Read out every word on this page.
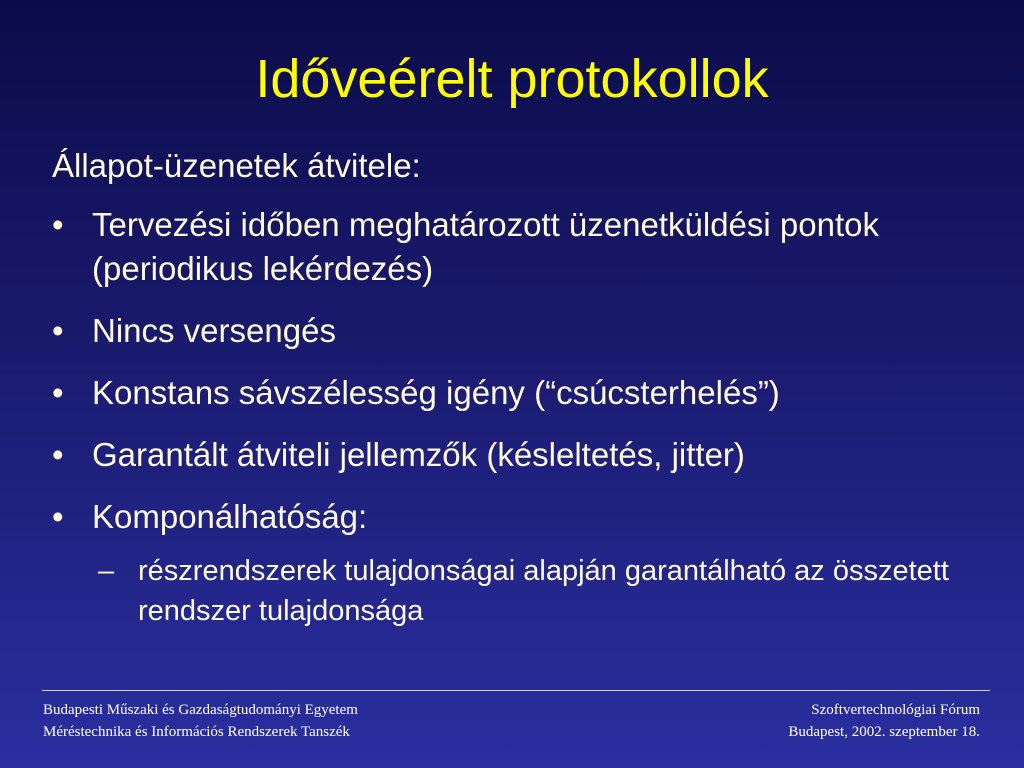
Időveérelt protokollok
Állapot-üzenetek átvitele:
• Tervezési időben meghatározott üzenetküldési pontok (periodikus lekérdezés)
• Nincs versengés
• Konstans sávszélesség igény (“csúcsterhelés”)
• Garantált átviteli jellemzők (késleltetés, jitter)
• Komponálhatóság:
– részrendszerek tulajdonságai alapján garantálható az összetett rendszer tulajdonsága
Budapesti Műszaki és Gazdaságtudományi Egyetem
Méréstechnika és Információs Rendszerek Tanszék
Szoftvertechnológiai Fórum
Budapest, 2002. szeptember 18.
